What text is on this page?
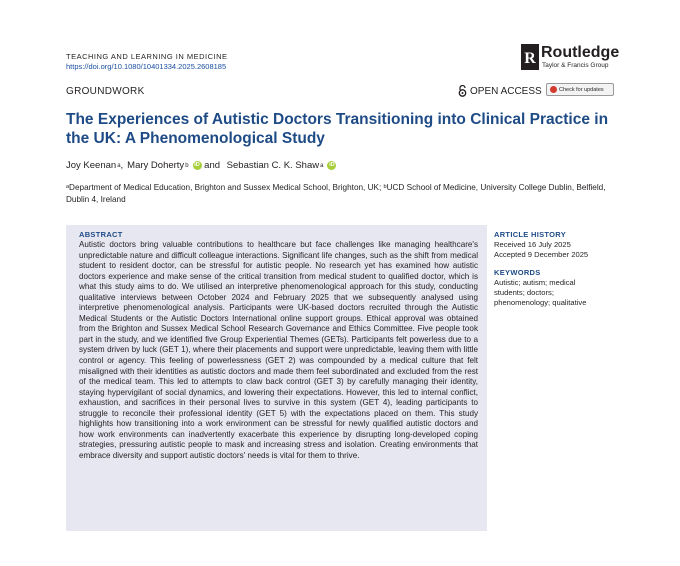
TEACHING AND LEARNING IN MEDICINE
https://doi.org/10.1080/10401334.2025.2608185	R Routledge
Taylor & Francis Group
GROUNDWORK	OPEN ACCESS	Check for updates
The Experiences of Autistic Doctors Transitioning into Clinical Practice in the UK: A Phenomenological Study
Joy Keenan a , Mary Doherty b	iD and Sebastian C. K. Shaw a	iD
ᵃDepartment of Medical Education, Brighton and Sussex Medical School, Brighton, UK; ᵇUCD School of Medicine, University College Dublin, Belfield, Dublin 4, Ireland
ABSTRACT
Autistic doctors bring valuable contributions to healthcare but face challenges like managing healthcare's unpredictable nature and difficult colleague interactions. Significant life changes, such as the shift from medical student to resident doctor, can be stressful for autistic people. No research yet has examined how autistic doctors experience and make sense of the critical transition from medical student to qualified doctor, which is what this study aims to do. We utilised an interpretive phenomenological approach for this study, conducting qualitative interviews between October 2024 and February 2025 that we subsequently analysed using interpretive phenomenological analysis. Participants were UK-based doctors recruited through the Autistic Medical Students or the Autistic Doctors International online support groups. Ethical approval was obtained from the Brighton and Sussex Medical School Research Governance and Ethics Committee. Five people took part in the study, and we identified five Group Experiential Themes (GETs). Participants felt powerless due to a system driven by luck (GET 1), where their placements and support were unpredictable, leaving them with little control or agency. This feeling of powerlessness (GET 2) was compounded by a medical culture that felt misaligned with their identities as autistic doctors and made them feel subordinated and excluded from the rest of the medical team. This led to attempts to claw back control (GET 3) by carefully managing their identity, staying hypervigilant of social dynamics, and lowering their expectations. However, this led to internal conflict, exhaustion, and sacrifices in their personal lives to survive in this system (GET 4), leading participants to struggle to reconcile their professional identity (GET 5) with the expectations placed on them. This study highlights how transitioning into a work environment can be stressful for newly qualified autistic doctors and how work environments can inadvertently exacerbate this experience by disrupting long-developed coping strategies, pressuring autistic people to mask and increasing stress and isolation. Creating environments that embrace diversity and support autistic doctors' needs is vital for them to thrive.
ARTICLE HISTORY
Received 16 July 2025
Accepted 9 December 2025
KEYWORDS
Autistic; autism; medical
students; doctors;
phenomenology; qualitative
